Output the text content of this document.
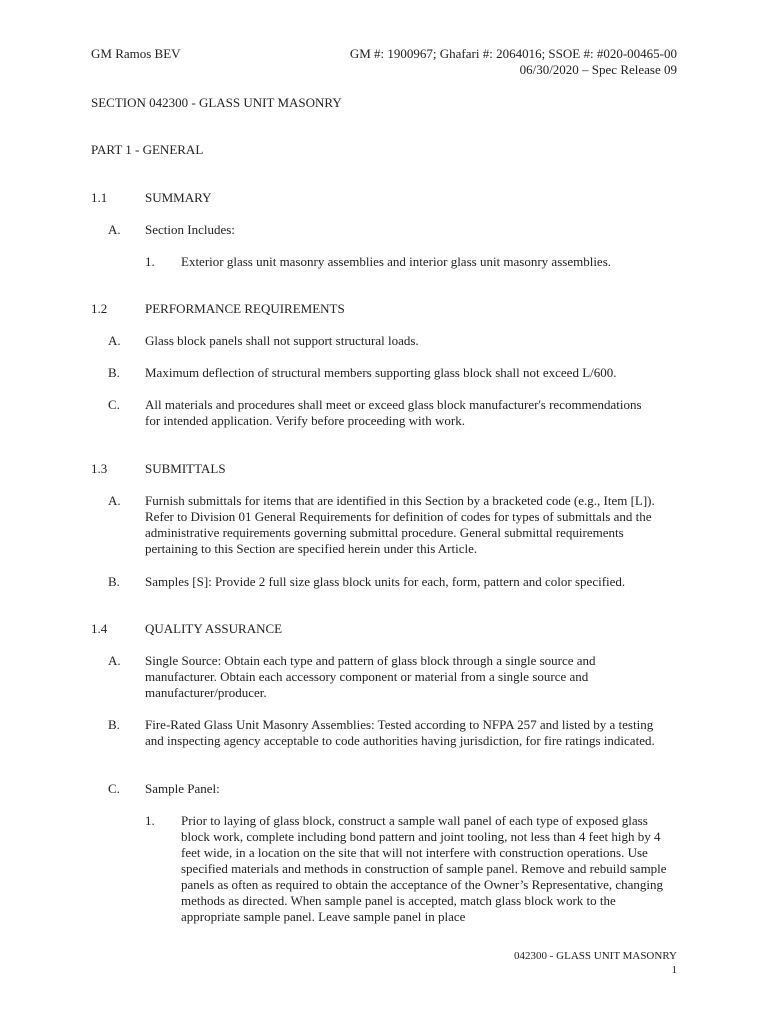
GM Ramos BEV	GM #: 1900967; Ghafari #: 2064016; SSOE #: #020-00465-00
06/30/2020 – Spec Release 09
SECTION 042300 - GLASS UNIT MASONRY
PART 1 - GENERAL
1.1	SUMMARY
A. Section Includes:
1. Exterior glass unit masonry assemblies and interior glass unit masonry assemblies.
1.2	PERFORMANCE REQUIREMENTS
A. Glass block panels shall not support structural loads.
B. Maximum deflection of structural members supporting glass block shall not exceed L/600.
C. All materials and procedures shall meet or exceed glass block manufacturer's recommendations for intended application. Verify before proceeding with work.
1.3	SUBMITTALS
A. Furnish submittals for items that are identified in this Section by a bracketed code (e.g., Item [L]). Refer to Division 01 General Requirements for definition of codes for types of submittals and the administrative requirements governing submittal procedure. General submittal requirements pertaining to this Section are specified herein under this Article.
B. Samples [S]: Provide 2 full size glass block units for each, form, pattern and color specified.
1.4	QUALITY ASSURANCE
A. Single Source: Obtain each type and pattern of glass block through a single source and manufacturer. Obtain each accessory component or material from a single source and manufacturer/producer.
B. Fire-Rated Glass Unit Masonry Assemblies: Tested according to NFPA 257 and listed by a testing and inspecting agency acceptable to code authorities having jurisdiction, for fire ratings indicated.
C. Sample Panel:
1. Prior to laying of glass block, construct a sample wall panel of each type of exposed glass block work, complete including bond pattern and joint tooling, not less than 4 feet high by 4 feet wide, in a location on the site that will not interfere with construction operations. Use specified materials and methods in construction of sample panel. Remove and rebuild sample panels as often as required to obtain the acceptance of the Owner’s Representative, changing methods as directed. When sample panel is accepted, match glass block work to the appropriate sample panel. Leave sample panel in place
042300 - GLASS UNIT MASONRY
1
